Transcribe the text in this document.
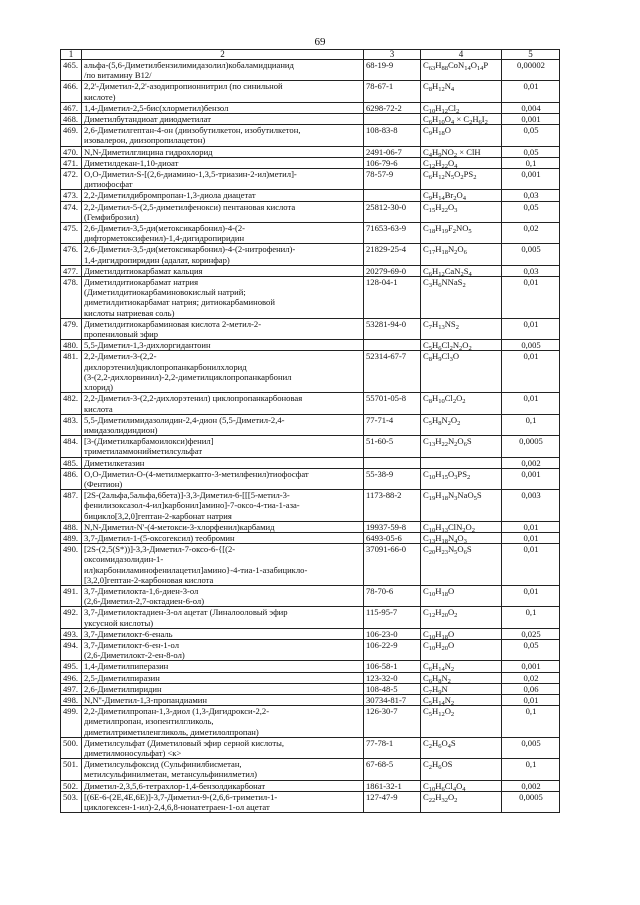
69
1	2	3	4	5
465.	альфа-(5,6-Диметилбензилимидазолил)кобаламидцианид
/по витамину В12/	68-19-9	$C_{63}H_{88}CoN_{14}O_{14}P$	0,00002
466.	2,2'-Диметил-2,2'-азодипропионнитрил (по синильной
кислоте)	78-67-1	$C_8H_{12}N_4$	0,01
467.	1,4-Диметил-2,5-бис(хлорметил)бензол	6298-72-2	$C_{10}H_{12}Cl_2$	0,004
468.	Диметилбутандиоат дииодметилат		$C_6H_{10}O_4 \times C_2H_6I_2$	0,001
469.	2,6-Диметилгептан-4-он (диизобутилкетон, изобутилкетон,
изовалерон, диизопропилацетон)	108-83-8	$C_9H_{18}O$	0,05
470.	N,N-Диметилглицина гидрохлорид	2491-06-7	$C_4H_9NO_2$ × ClH	0,05
471.	Диметилдекан-1,10-диоат	106-79-6	$C_{12}H_{22}O_4$	0,1
472.	O,O-Диметил-S-[(2,6-диамино-1,3,5-триазин-2-ил)метил]-
дитиофосфат	78-57-9	$C_6H_{12}N_5O_2PS_2$	0,001
473.	2,2-Диметилдибромпропан-1,3-диола диацетат		$C_9H_{14}Br_2O_4$	0,03
474.	2,2-Диметил-5-(2,5-диметилфенокси) пентановая кислота
(Гемфиброзил)	25812-30-0	$C_{15}H_{22}O_3$	0,05
475.	2,6-Диметил-3,5-ди(метоксикарбонил)-4-(2-
дифторметоксифенил)-1,4-дигидропиридин	71653-63-9	$C_{18}H_{19}F_2NO_5$	0,02
476.	2,6-Диметил-3,5-ди(метоксикарбонил)-4-(2-нитрофенил)-
1,4-дигидропиридин (адалат, коринфар)	21829-25-4	$C_{17}H_{18}N_2O_6$	0,005
477.	Диметилдитиокарбамат кальция	20279-69-0	$C_6H_{12}CaN_2S_4$	0,03
478.	Диметилдитиокарбамат натрия
(Диметилдитиокарбаминовокислый натрий;
диметилдитиокарбамат натрия; дитиокарбаминовой
кислоты натриевая соль)	128-04-1	$C_3H_6NNaS_2$	0,01
479.	Диметилдитиокарбаминовая кислота 2-метил-2-
пропениловый эфир	53281-94-0	$C_7H_{13}NS_2$	0,01
480.	5,5-Диметил-1,3-дихлоргидантоин		$C_5H_6Cl_2N_2O_2$	0,005
481.	2,2-Диметил-3-(2,2-
дихлорэтенил)циклопропанкарбонилхлорид
(3-(2,2-дихлорвинил)-2,2-диметилциклопропанкарбонил
хлорид)	52314-67-7	$C_8H_9Cl_3O$	0,01
482.	2,2-Диметил-3-(2,2-дихлорэтенил) циклопропанкарбоновая
кислота	55701-05-8	$C_8H_{10}Cl_2O_2$	0,01
483.	5,5-Диметилимидазолидин-2,4-дион (5,5-Диметил-2,4-
имидазолидиндион)	77-71-4	$C_5H_8N_2O_2$	0,1
484.	[3-(Диметилкарбамоилокси)фенил]
триметиламмонийметилсульфат	51-60-5	$C_{13}H_{22}N_2O_6S$	0,0005
485.	Диметилкетазин			0,002
486.	O,O-Диметил-O-(4-метилмеркапто-3-метилфенил)тиофосфат
(Фентион)	55-38-9	$C_{10}H_{15}O_3PS_2$	0,001
487.	[2S-(2альфа,5альфа,6бета)]-3,3-Диметил-6-[[[5-метил-3-
фенилизоксазол-4-ил]карбонил]амино]-7-оксо-4-тиа-1-аза-
бицикло[3,2,0]гептан-2-карбонат натрия	1173-88-2	$C_{19}H_{18}N_3NaO_5S$	0,003
488.	N,N-Диметил-N'-(4-метокси-3-хлорфенил)карбамид	19937-59-8	$C_{10}H_{13}ClN_2O_2$	0,01
489.	3,7-Диметил-1-(5-оксогексил) теобромин	6493-05-6	$C_{13}H_{18}N_4O_3$	0,01
490.	[2S-(2,5(S*))]-3,3-Диметил-7-оксо-6-{[(2-
оксоимидазолидин-1-
ил)карбониламинофенилацетил]амино}-4-тиа-1-азабицикло-
[3,2,0]гептан-2-карбоновая кислота	37091-66-0	$C_{20}H_{23}N_5O_6S$	0,01
491.	3,7-Диметилокта-1,6-диен-3-ол
(2,6-Диметил-2,7-октадиен-6-ол)	78-70-6	$C_{10}H_{18}O$	0,01
492.	3,7-Диметилоктадиен-3-ол ацетат (Линалоoловый эфир
уксусной кислоты)	115-95-7	$C_{12}H_{20}O_2$	0,1
493.	3,7-Диметилокт-6-еналь	106-23-0	$C_{10}H_{18}O$	0,025
494.	3,7-Диметилокт-6-ен-1-ол
(2,6-Диметилокт-2-ен-8-ол)	106-22-9	$C_{10}H_{20}O$	0,05
495.	1,4-Диметилпиперазин	106-58-1	$C_6H_{14}N_2$	0,001
496.	2,5-Диметилпиразин	123-32-0	$C_6H_8N_2$	0,02
497.	2,6-Диметилпиридин	108-48-5	$C_7H_9N$	0,06
498.	N,N''-Диметил-1,3-пропандиамин	30734-81-7	$C_5H_{14}N_2$	0,01
499.	2,2-Диметилпропан-1,3-диол (1,3-Дигидрокси-2,2-
диметилпропан, изопентилгликоль,
диметилтриметиленгликоль, диметилолпропан)	126-30-7	$C_5H_{12}O_2$	0,1
500.	Диметилсульфат (Диметиловый эфир серной кислоты,
диметилмоносульфат) <к>	77-78-1	$C_2H_6O_4S$	0,005
501.	Диметилсульфоксид (Сульфинилбисметан,
метилсульфинилметан, метансульфинилметил)	67-68-5	$C_2H_6OS$	0,1
502.	Диметил-2,3,5,6-тетрахлор-1,4-бензолдикарбонат	1861-32-1	$C_{10}H_6Cl_4O_4$	0,002
503.	[(6E-6-(2E,4E,6E)]-3,7-Диметил-9-(2,6,6-триметил-1-
циклогексен-1-ил)-2,4,6,8-нонатетраен-1-ол ацетат	127-47-9	$C_{22}H_{32}O_2$	0,0005
